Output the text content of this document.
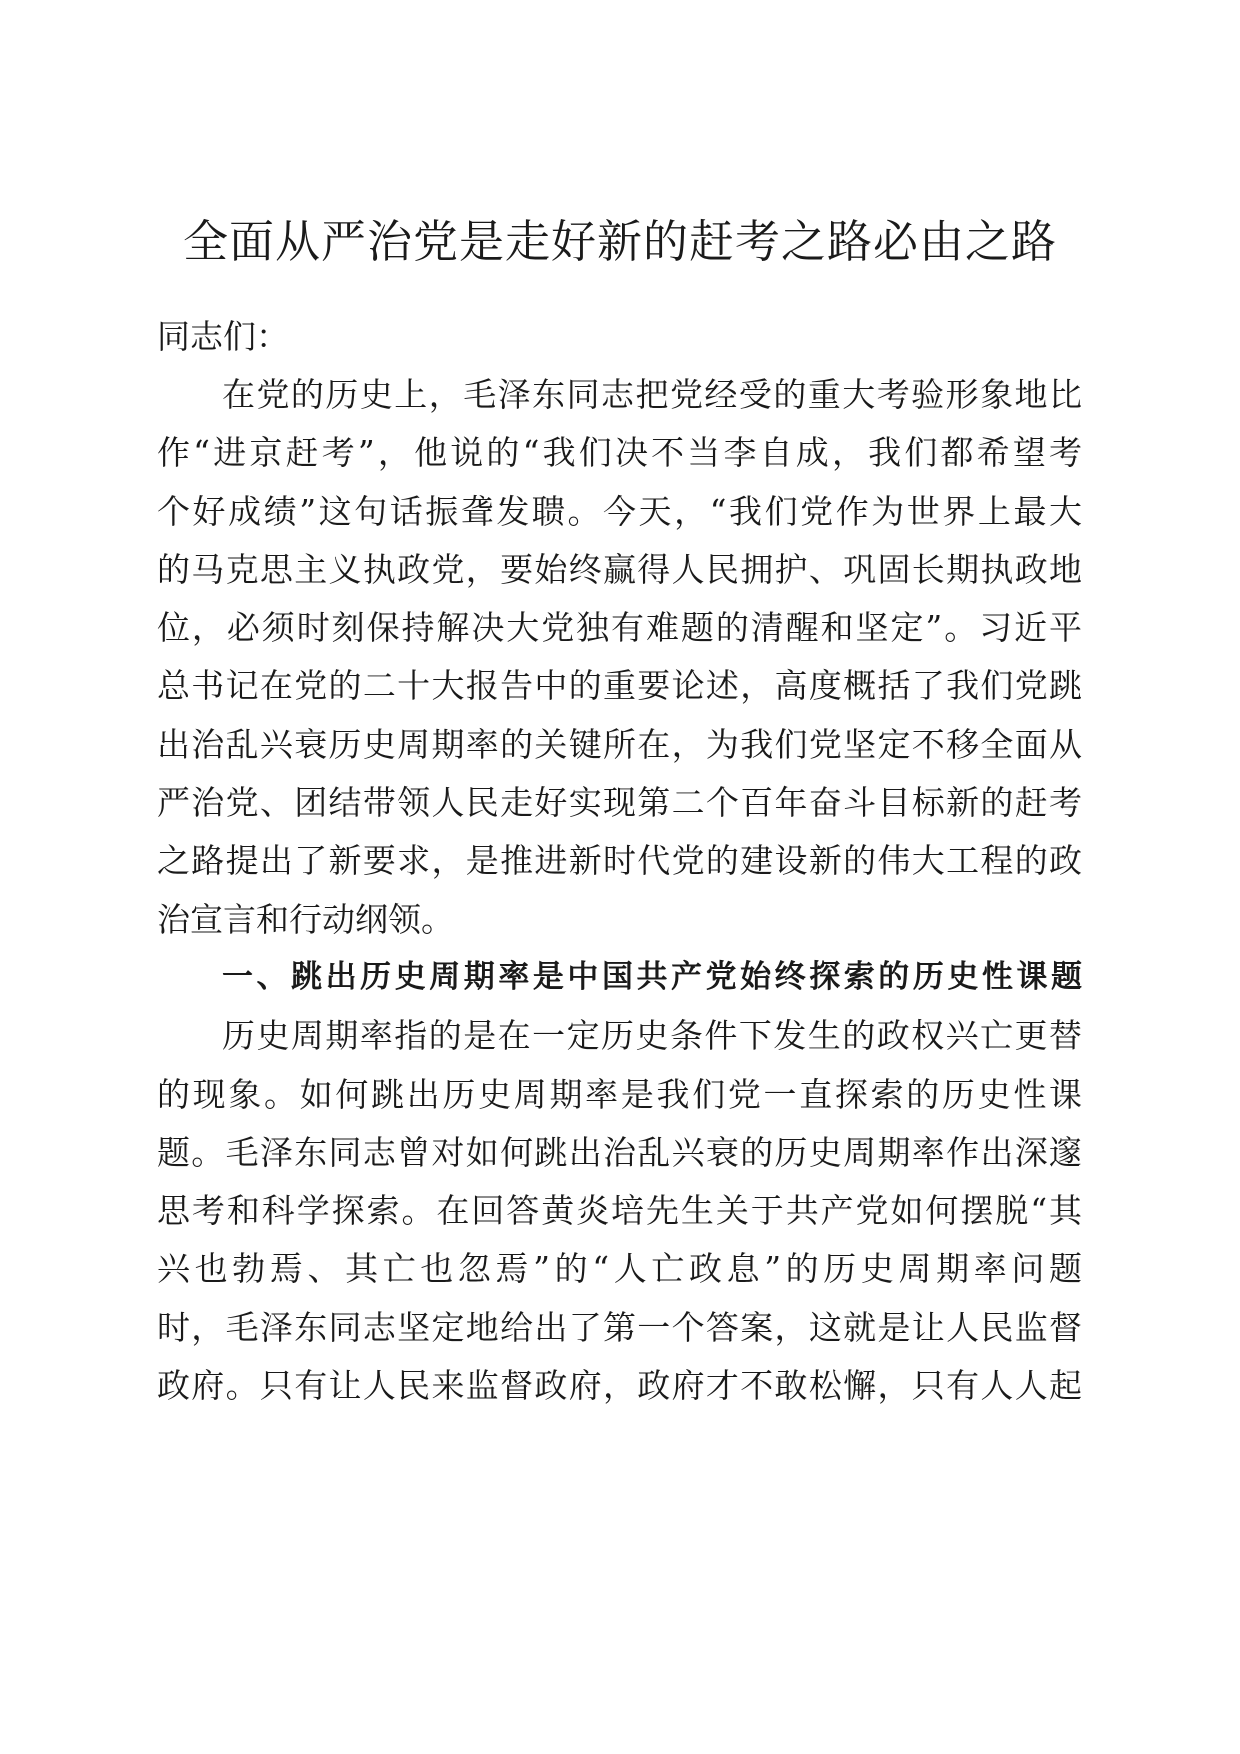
全面从严治党是走好新的赶考之路必由之路
同志们：
在党的历史上，毛泽东同志把党经受的重大考验形象地比
作“进京赶考”，他说的“我们决不当李自成，我们都希望考
个好成绩”这句话振聋发聩。今天，“我们党作为世界上最大
的马克思主义执政党，要始终赢得人民拥护、巩固长期执政地
位，必须时刻保持解决大党独有难题的清醒和坚定”。习近平
总书记在党的二十大报告中的重要论述，高度概括了我们党跳
出治乱兴衰历史周期率的关键所在，为我们党坚定不移全面从
严治党、团结带领人民走好实现第二个百年奋斗目标新的赶考
之路提出了新要求，是推进新时代党的建设新的伟大工程的政
治宣言和行动纲领。
一、跳出历史周期率是中国共产党始终探索的历史性课题
历史周期率指的是在一定历史条件下发生的政权兴亡更替
的现象。如何跳出历史周期率是我们党一直探索的历史性课
题。毛泽东同志曾对如何跳出治乱兴衰的历史周期率作出深邃
思考和科学探索。在回答黄炎培先生关于共产党如何摆脱“其
兴也勃焉、其亡也忽焉”的“人亡政息”的历史周期率问题
时，毛泽东同志坚定地给出了第一个答案，这就是让人民监督
政府。只有让人民来监督政府，政府才不敢松懈，只有人人起
